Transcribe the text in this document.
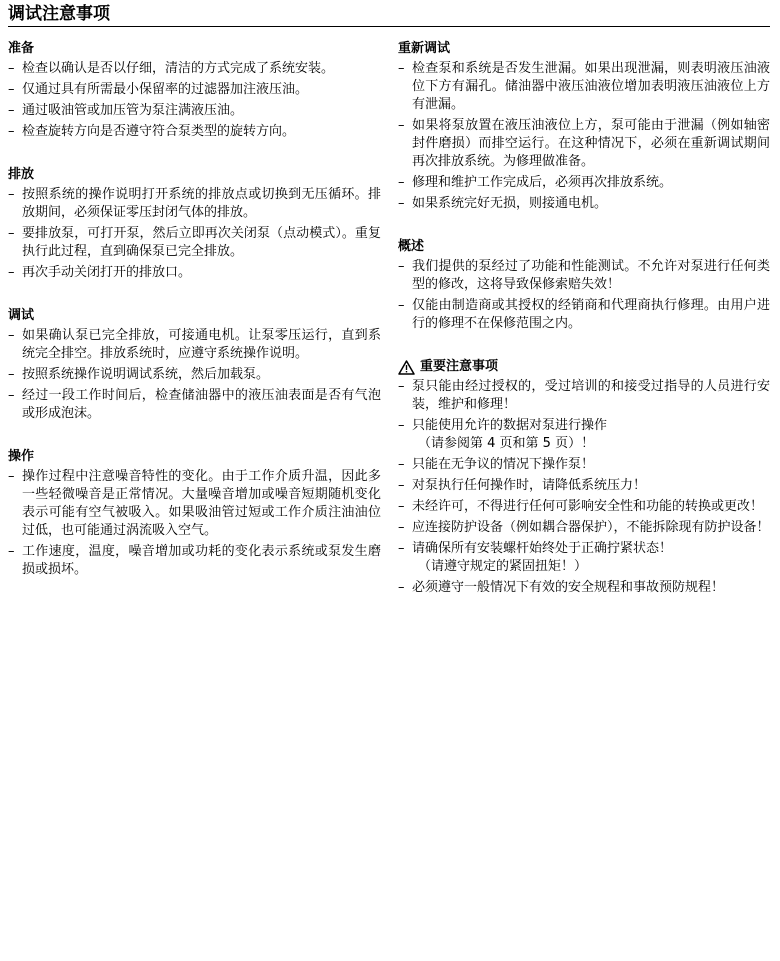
调试注意事项
准备
– 检查以确认是否以仔细，清洁的方式完成了系统安装。
– 仅通过具有所需最小保留率的过滤器加注液压油。
– 通过吸油管或加压管为泵注满液压油。
– 检查旋转方向是否遵守符合泵类型的旋转方向。
排放
– 按照系统的操作说明打开系统的排放点或切换到无压循环。排放期间，必须保证零压封闭气体的排放。
– 要排放泵，可打开泵，然后立即再次关闭泵（点动模式）。重复执行此过程，直到确保泵已完全排放。
– 再次手动关闭打开的排放口。
调试
– 如果确认泵已完全排放，可接通电机。让泵零压运行，直到系统完全排空。排放系统时，应遵守系统操作说明。
– 按照系统操作说明调试系统，然后加载泵。
– 经过一段工作时间后，检查储油器中的液压油表面是否有气泡或形成泡沫。
操作
– 操作过程中注意噪音特性的变化。由于工作介质升温，因此多一些轻微噪音是正常情况。大量噪音增加或噪音短期随机变化表示可能有空气被吸入。如果吸油管过短或工作介质注油油位过低，也可能通过涡流吸入空气。
– 工作速度，温度，噪音增加或功耗的变化表示系统或泵发生磨损或损坏。
重新调试
– 检查泵和系统是否发生泄漏。如果出现泄漏，则表明液压油液位下方有漏孔。储油器中液压油液位增加表明液压油液位上方有泄漏。
– 如果将泵放置在液压油液位上方，泵可能由于泄漏（例如轴密封件磨损）而排空运行。在这种情况下，必须在重新调试期间再次排放系统。为修理做准备。
– 修理和维护工作完成后，必须再次排放系统。
– 如果系统完好无损，则接通电机。
概述
– 我们提供的泵经过了功能和性能测试。不允许对泵进行任何类型的修改，这将导致保修索赔失效！
– 仅能由制造商或其授权的经销商和代理商执行修理。由用户进行的修理不在保修范围之内。
重要注意事项
– 泵只能由经过授权的，受过培训的和接受过指导的人员进行安装，维护和修理！
– 只能使用允许的数据对泵进行操作
（请参阅第 4 页和第 5 页）！
– 只能在无争议的情况下操作泵！
– 对泵执行任何操作时，请降低系统压力！
– 未经许可，不得进行任何可影响安全性和功能的转换或更改！
– 应连接防护设备（例如耦合器保护），不能拆除现有防护设备！
– 请确保所有安装螺杆始终处于正确拧紧状态！
（请遵守规定的紧固扭矩！）
– 必须遵守一般情况下有效的安全规程和事故预防规程！
